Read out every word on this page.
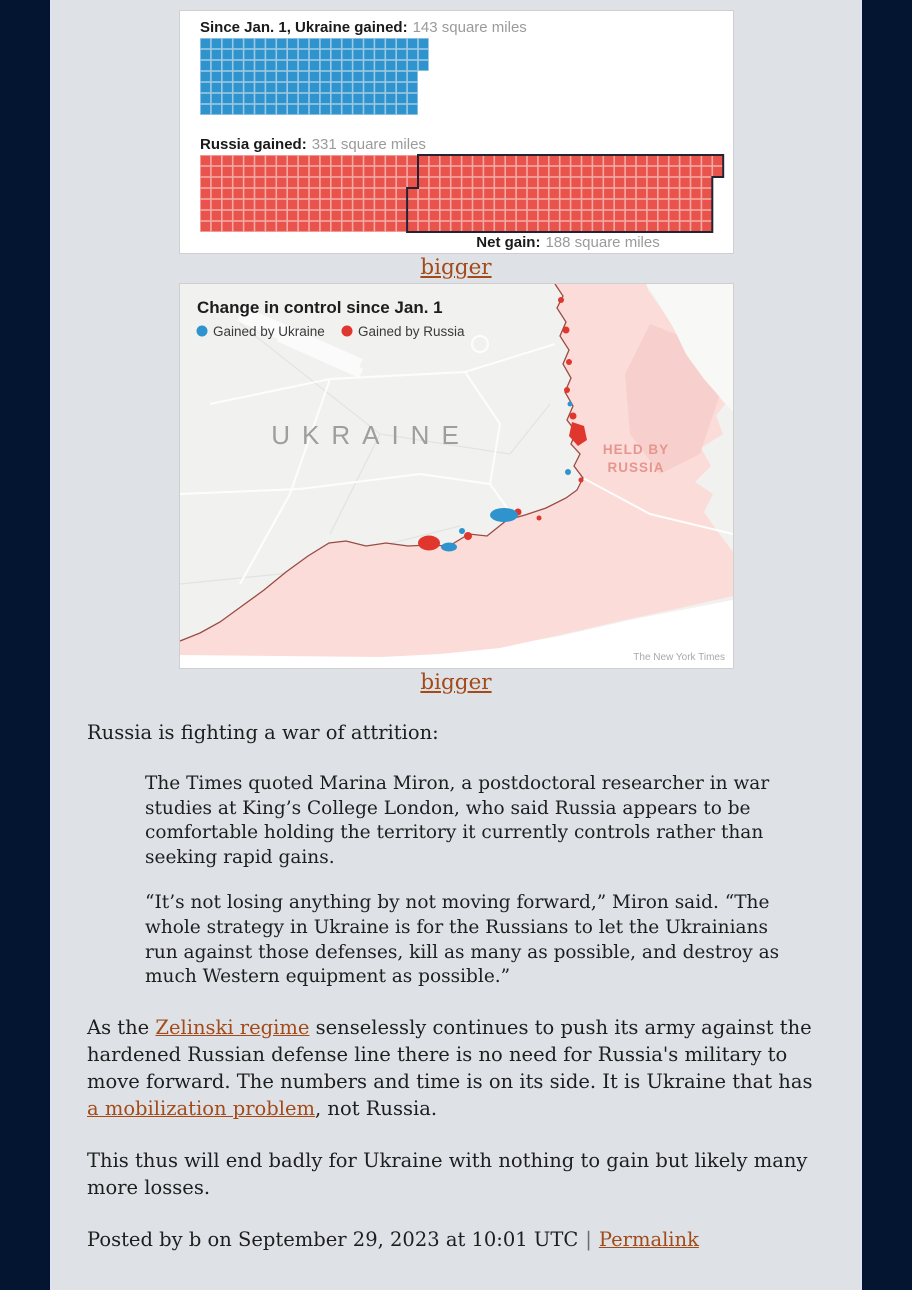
Since Jan. 1, Ukraine gained: 143 square miles
Russia gained: 331 square miles
Net gain: 188 square miles
bigger
Change in control since Jan. 1
Gained by Ukraine Gained by Russia
UKRAINE	HELD BY
RUSSIA
The New York Times
bigger

Russia is fighting a war of attrition:

The Times quoted Marina Miron, a postdoctoral researcher in war studies at King’s College London, who said Russia appears to be comfortable holding the territory it currently controls rather than seeking rapid gains.

“It’s not losing anything by not moving forward,” Miron said. “The whole strategy in Ukraine is for the Russians to let the Ukrainians run against those defenses, kill as many as possible, and destroy as much Western equipment as possible.”

As the Zelinski regime senselessly continues to push its army against the hardened Russian defense line there is no need for Russia's military to move forward. The numbers and time is on its side. It is Ukraine that has a mobilization problem, not Russia.

This thus will end badly for Ukraine with nothing to gain but likely many more losses.

Posted by b on September 29, 2023 at 10:01 UTC | Permalink
